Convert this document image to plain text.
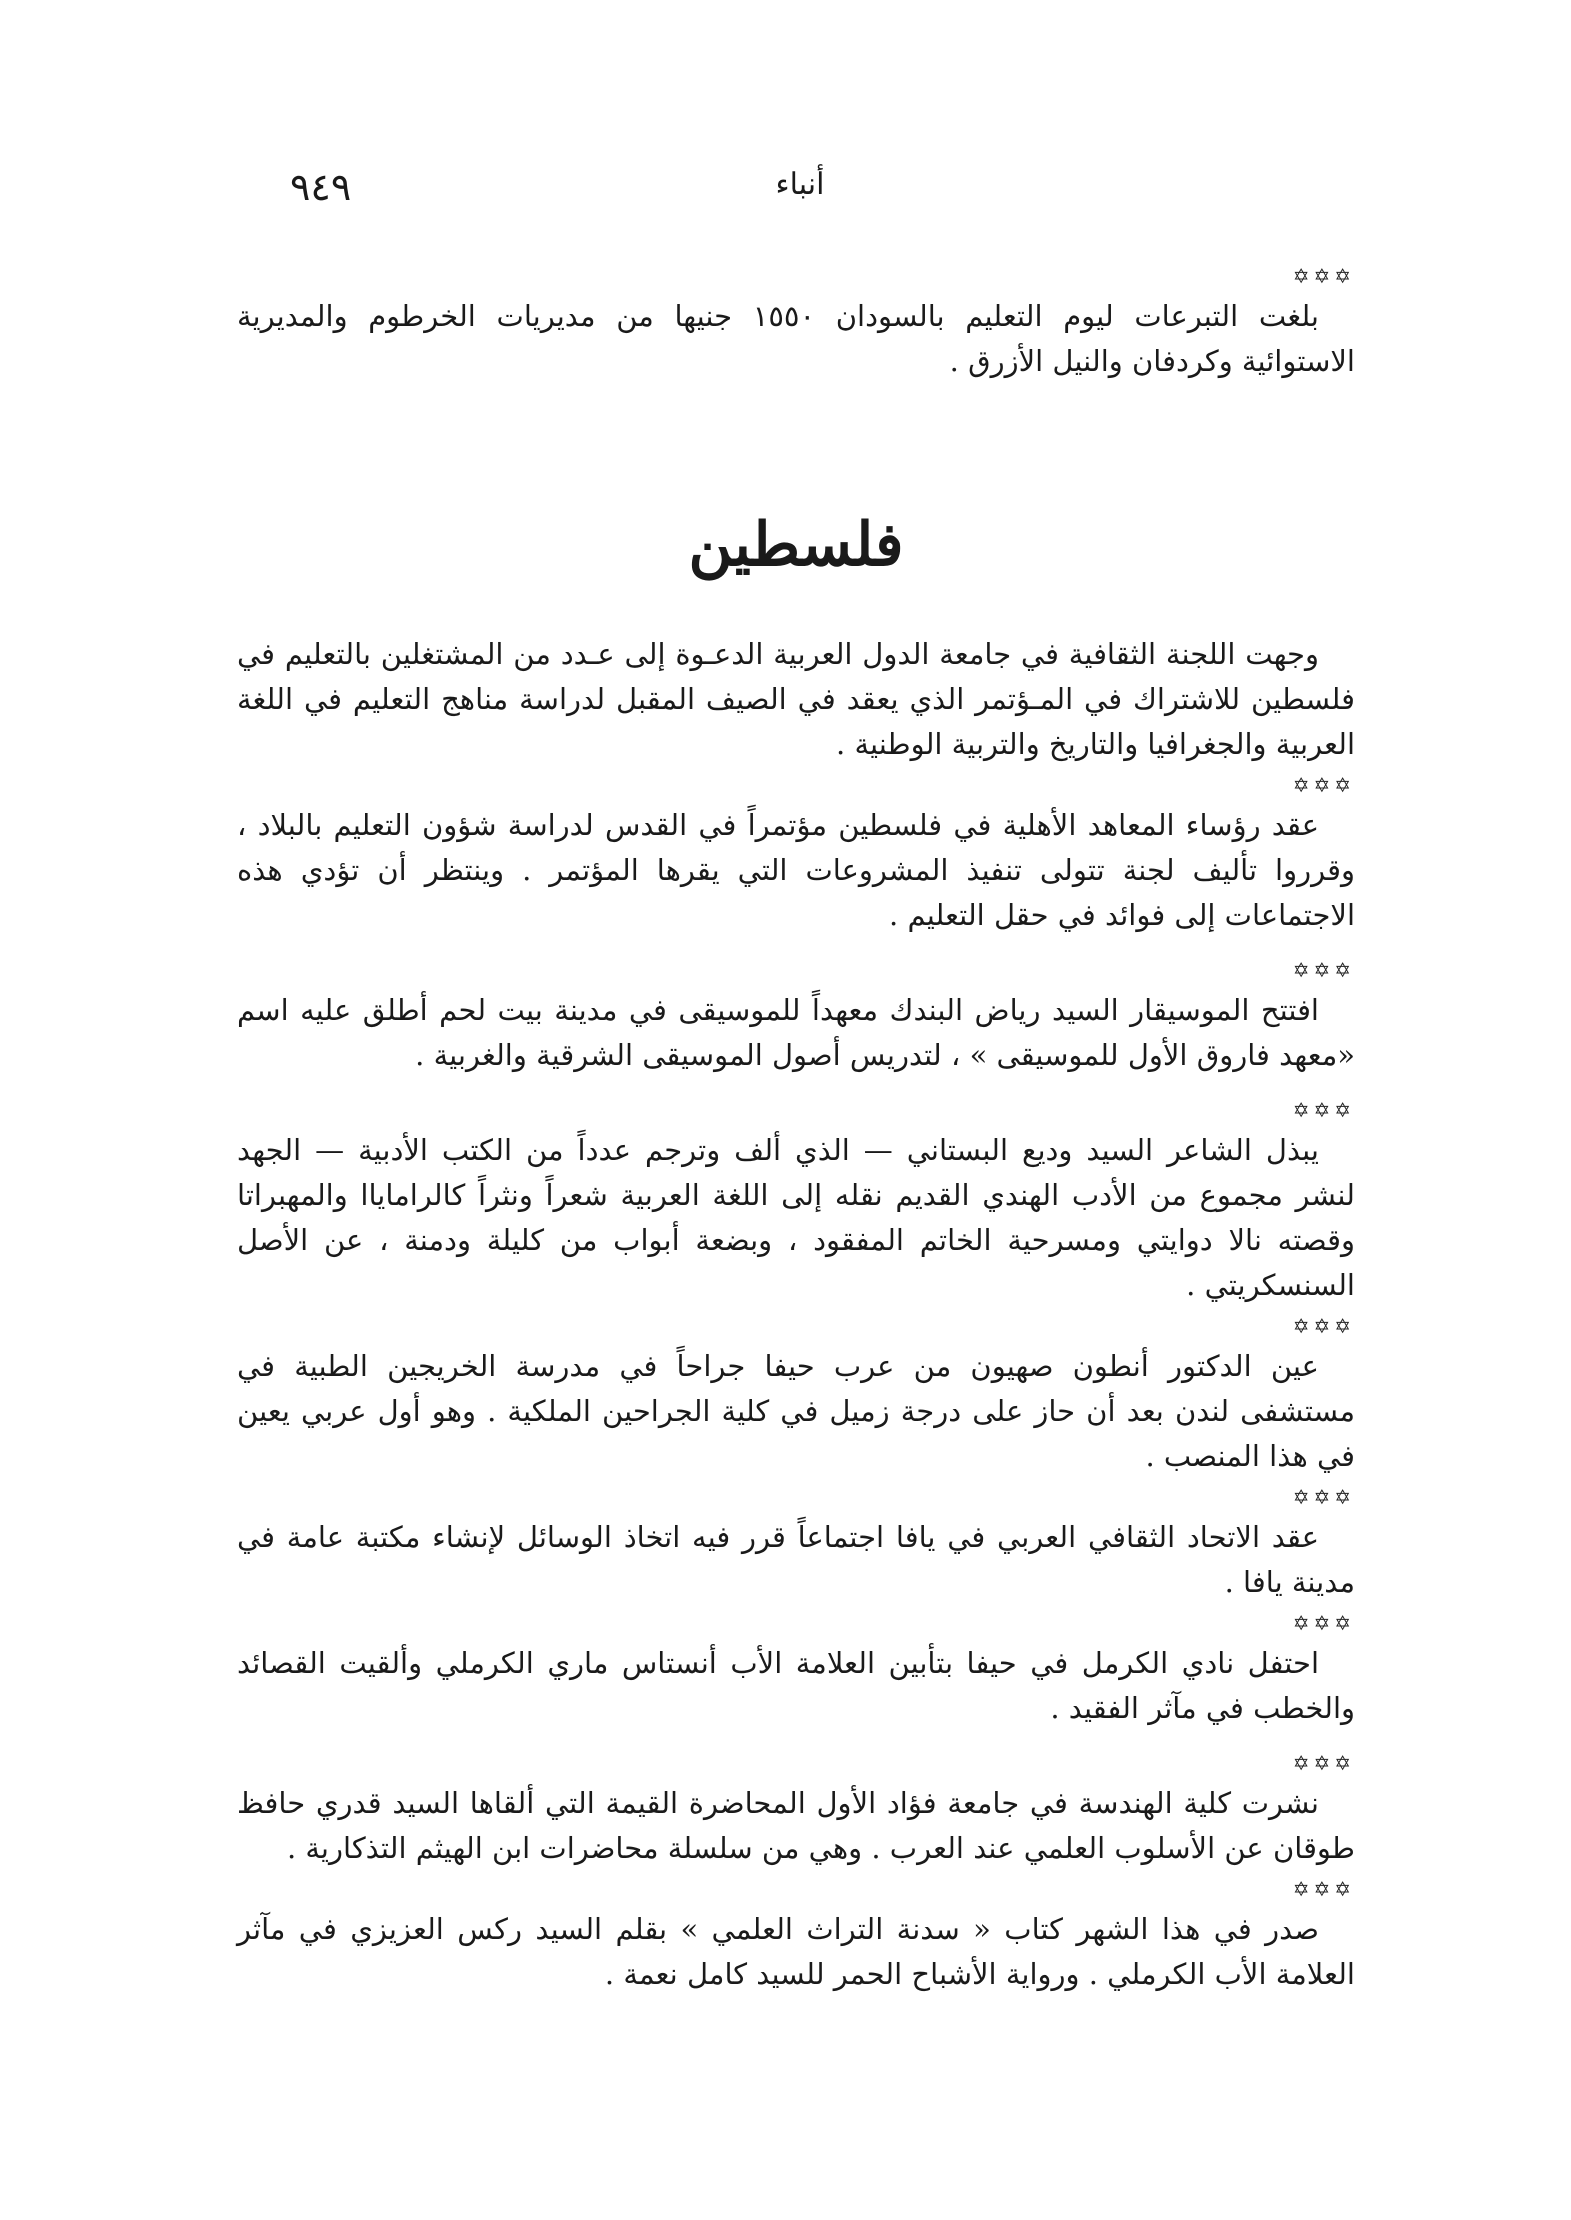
٩٤٩	أنباء
✡✡✡

بلغت التبرعات ليوم التعليم بالسودان ١٥٥٠ جنيها من مديريات الخرطوم والمديرية الاستوائية وكردفان والنيل الأزرق .

فلسطين

وجهت اللجنة الثقافية في جامعة الدول العربية الدعـوة إلى عـدد من المشتغلين بالتعليم في فلسطين للاشتراك في المـؤتمر الذي يعقد في الصيف المقبل لدراسة مناهج التعليم في اللغة العربية والجغرافيا والتاريخ والتربية الوطنية .

✡✡✡

عقد رؤساء المعاهد الأهلية في فلسطين مؤتمراً في القدس لدراسة شؤون التعليم بالبلاد ، وقرروا تأليف لجنة تتولى تنفيذ المشروعات التي يقرها المؤتمر . وينتظر أن تؤدي هذه الاجتماعات إلى فوائد في حقل التعليم .

✡✡✡

افتتح الموسيقار السيد رياض البندك معهداً للموسيقى في مدينة بيت لحم أطلق عليه اسم «معهد فاروق الأول للموسيقى » ، لتدريس أصول الموسيقى الشرقية والغربية .

✡✡✡

يبذل الشاعر السيد وديع البستاني — الذي ألف وترجم عدداً من الكتب الأدبية — الجهد لنشر مجموع من الأدب الهندي القديم نقله إلى اللغة العربية شعراً ونثراً كالراماياا والمهبراتا وقصته نالا دوايتي ومسرحية الخاتم المفقود ، وبضعة أبواب من كليلة ودمنة ، عن الأصل السنسكريتي .

✡✡✡

عين الدكتور أنطون صهيون من عرب حيفا جراحاً في مدرسة الخريجين الطبية في مستشفى لندن بعد أن حاز على درجة زميل في كلية الجراحين الملكية . وهو أول عربي يعين في هذا المنصب .

✡✡✡

عقد الاتحاد الثقافي العربي في يافا اجتماعاً قرر فيه اتخاذ الوسائل لإنشاء مكتبة عامة في مدينة يافا .

✡✡✡

احتفل نادي الكرمل في حيفا بتأبين العلامة الأب أنستاس ماري الكرملي وألقيت القصائد والخطب في مآثر الفقيد .

✡✡✡

نشرت كلية الهندسة في جامعة فؤاد الأول المحاضرة القيمة التي ألقاها السيد قدري حافظ طوقان عن الأسلوب العلمي عند العرب . وهي من سلسلة محاضرات ابن الهيثم التذكارية .

✡✡✡

صدر في هذا الشهر كتاب « سدنة التراث العلمي » بقلم السيد ركس العزيزي في مآثر العلامة الأب الكرملي . ورواية الأشباح الحمر للسيد كامل نعمة .
